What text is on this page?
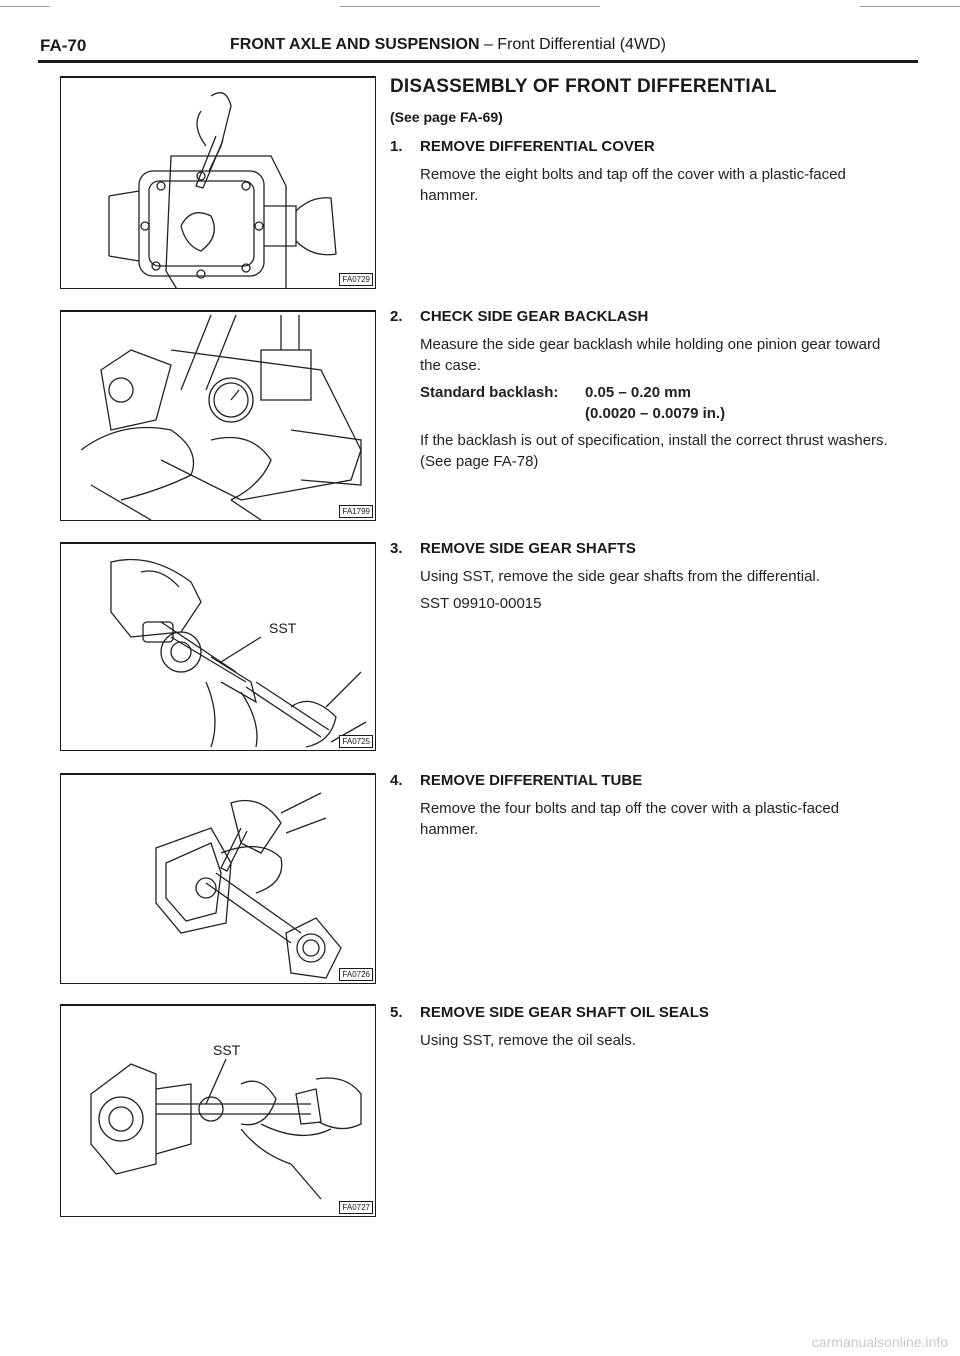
FA-70	FRONT AXLE AND SUSPENSION – Front Differential (4WD)
FA0729
FA1799
SST
FA0725
FA0726
SST
FA0727
DISASSEMBLY OF FRONT DIFFERENTIAL
(See page FA-69)
1. REMOVE DIFFERENTIAL COVER

Remove the eight bolts and tap off the cover with a plastic-faced hammer.

2. CHECK SIDE GEAR BACKLASH

Measure the side gear backlash while holding one pinion gear toward the case.

Standard backlash:	0.05 – 0.20 mm
(0.0020 – 0.0079 in.)

If the backlash is out of specification, install the correct thrust washers. (See page FA-78)

3. REMOVE SIDE GEAR SHAFTS

Using SST, remove the side gear shafts from the differential.

SST 09910-00015

4. REMOVE DIFFERENTIAL TUBE

Remove the four bolts and tap off the cover with a plastic-faced hammer.

5. REMOVE SIDE GEAR SHAFT OIL SEALS

Using SST, remove the oil seals.

carmanualsonline.info
